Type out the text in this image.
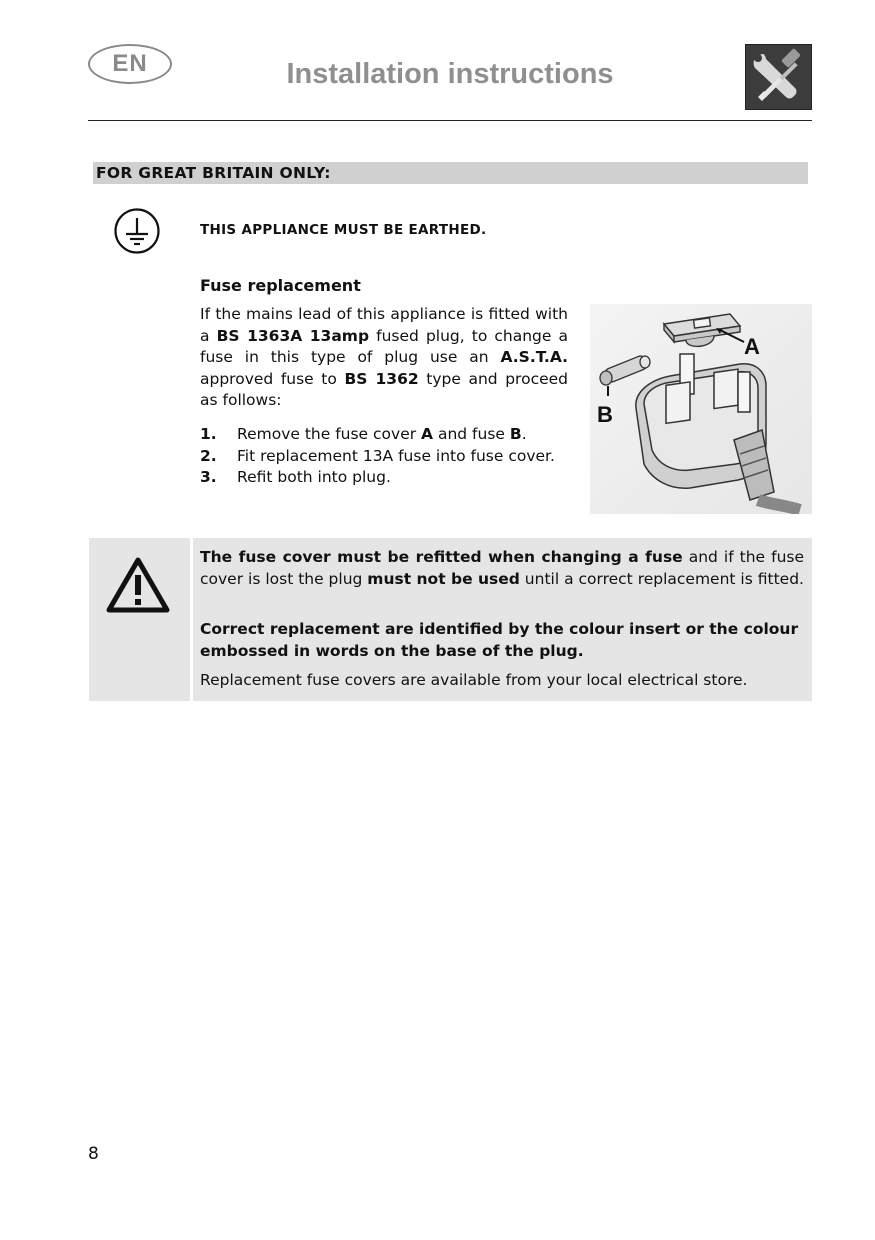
EN	Installation instructions
FOR GREAT BRITAIN ONLY:
THIS APPLIANCE MUST BE EARTHED.
Fuse replacement
If the mains lead of this appliance is fitted with a BS 1363A 13amp fused plug, to change a fuse in this type of plug use an A.S.T.A. approved fuse to BS 1362 type and proceed as follows:
1. Remove the fuse cover A and fuse B.
2. Fit replacement 13A fuse into fuse cover.
3. Refit both into plug.
A
B
The fuse cover must be refitted when changing a fuse and if the fuse cover is lost the plug must not be used until a correct replacement is fitted.
Correct replacement are identified by the colour insert or the colour embossed in words on the base of the plug.
Replacement fuse covers are available from your local electrical store.
8
